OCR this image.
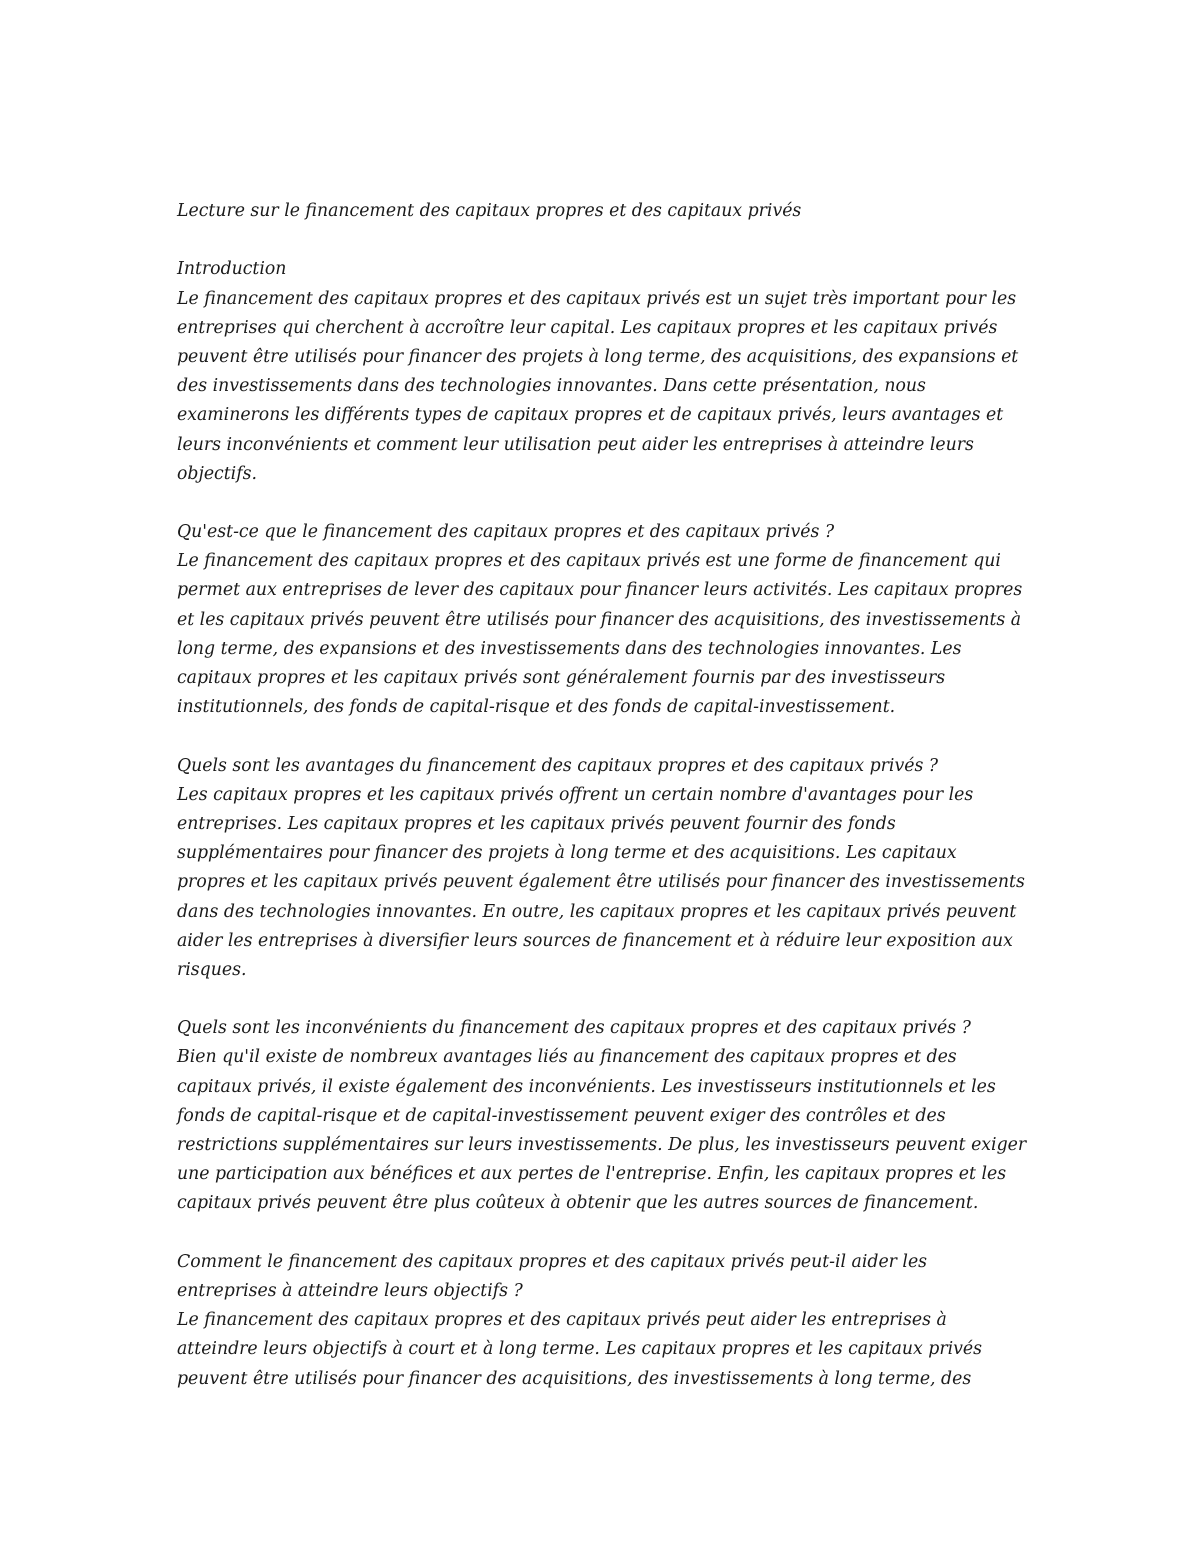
Lecture sur le financement des capitaux propres et des capitaux privés
Introduction
Le financement des capitaux propres et des capitaux privés est un sujet très important pour les
entreprises qui cherchent à accroître leur capital. Les capitaux propres et les capitaux privés
peuvent être utilisés pour financer des projets à long terme, des acquisitions, des expansions et
des investissements dans des technologies innovantes. Dans cette présentation, nous
examinerons les différents types de capitaux propres et de capitaux privés, leurs avantages et
leurs inconvénients et comment leur utilisation peut aider les entreprises à atteindre leurs
objectifs.
Qu'est-ce que le financement des capitaux propres et des capitaux privés ?
Le financement des capitaux propres et des capitaux privés est une forme de financement qui
permet aux entreprises de lever des capitaux pour financer leurs activités. Les capitaux propres
et les capitaux privés peuvent être utilisés pour financer des acquisitions, des investissements à
long terme, des expansions et des investissements dans des technologies innovantes. Les
capitaux propres et les capitaux privés sont généralement fournis par des investisseurs
institutionnels, des fonds de capital-risque et des fonds de capital-investissement.
Quels sont les avantages du financement des capitaux propres et des capitaux privés ?
Les capitaux propres et les capitaux privés offrent un certain nombre d'avantages pour les
entreprises. Les capitaux propres et les capitaux privés peuvent fournir des fonds
supplémentaires pour financer des projets à long terme et des acquisitions. Les capitaux
propres et les capitaux privés peuvent également être utilisés pour financer des investissements
dans des technologies innovantes. En outre, les capitaux propres et les capitaux privés peuvent
aider les entreprises à diversifier leurs sources de financement et à réduire leur exposition aux
risques.
Quels sont les inconvénients du financement des capitaux propres et des capitaux privés ?
Bien qu'il existe de nombreux avantages liés au financement des capitaux propres et des
capitaux privés, il existe également des inconvénients. Les investisseurs institutionnels et les
fonds de capital-risque et de capital-investissement peuvent exiger des contrôles et des
restrictions supplémentaires sur leurs investissements. De plus, les investisseurs peuvent exiger
une participation aux bénéfices et aux pertes de l'entreprise. Enfin, les capitaux propres et les
capitaux privés peuvent être plus coûteux à obtenir que les autres sources de financement.
Comment le financement des capitaux propres et des capitaux privés peut-il aider les
entreprises à atteindre leurs objectifs ?
Le financement des capitaux propres et des capitaux privés peut aider les entreprises à
atteindre leurs objectifs à court et à long terme. Les capitaux propres et les capitaux privés
peuvent être utilisés pour financer des acquisitions, des investissements à long terme, des
